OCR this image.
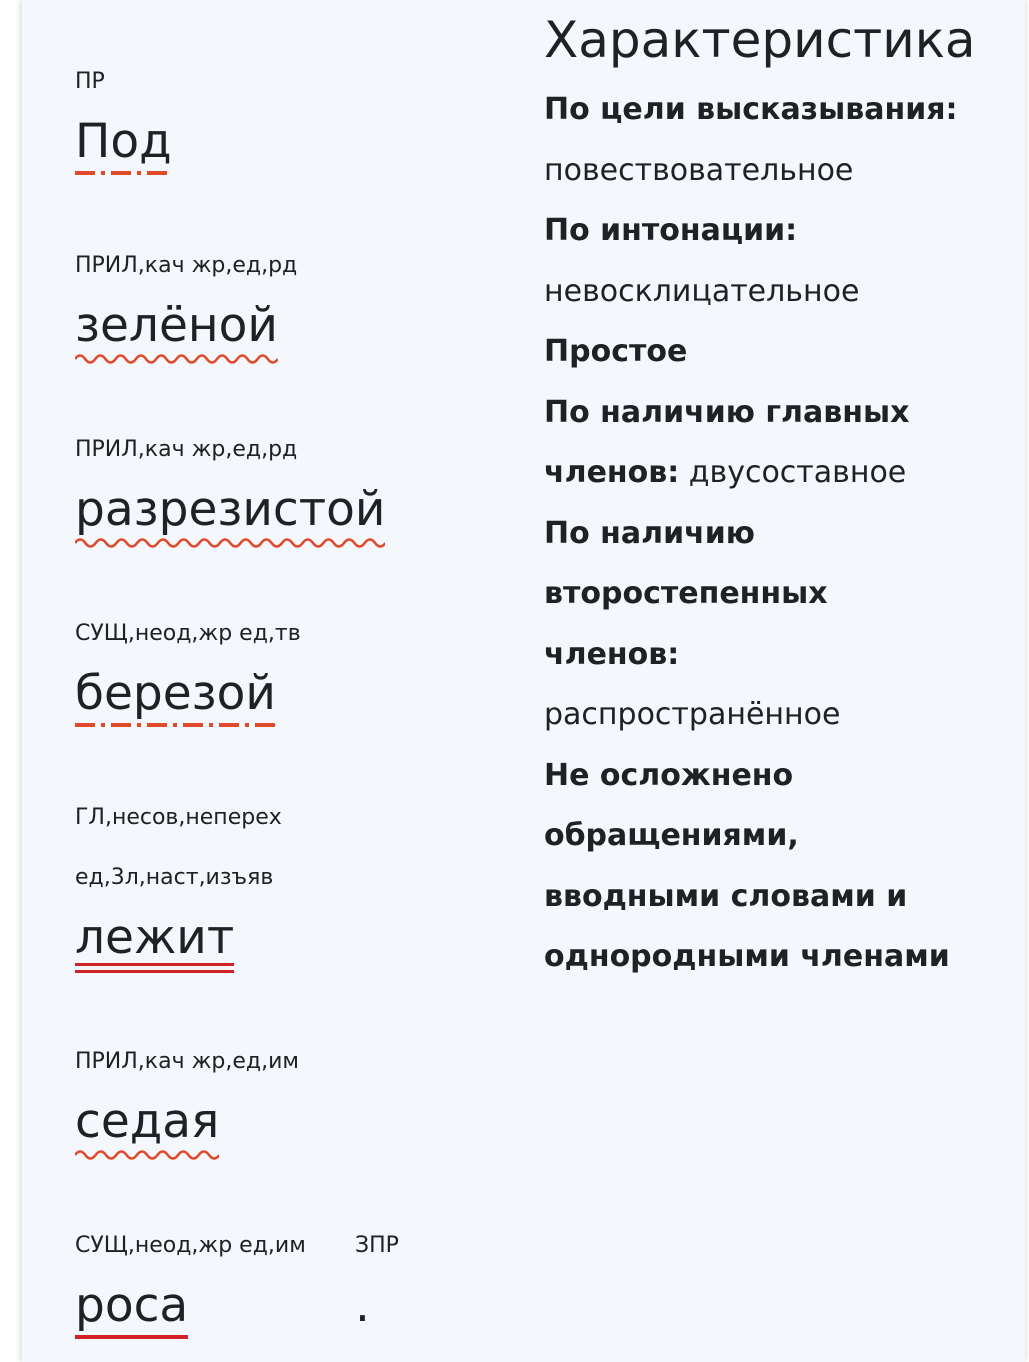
ПР
Под
ПРИЛ,кач жр,ед,рд
зелёной
ПРИЛ,кач жр,ед,рд
разрезистой
СУЩ,неод,жр ед,тв
березой
ГЛ,несов,неперех
ед,3л,наст,изъяв
лежит
ПРИЛ,кач жр,ед,им
седая
СУЩ,неод,жр ед,им
роса
ЗПР
.
Характеристика
По цели высказывания:
повествовательное
По интонации:
невосклицательное
Простое
По наличию главных
членов: двусоставное
По наличию
второстепенных
членов:
распространённое
Не осложнено
обращениями,
вводными словами и
однородными членами
